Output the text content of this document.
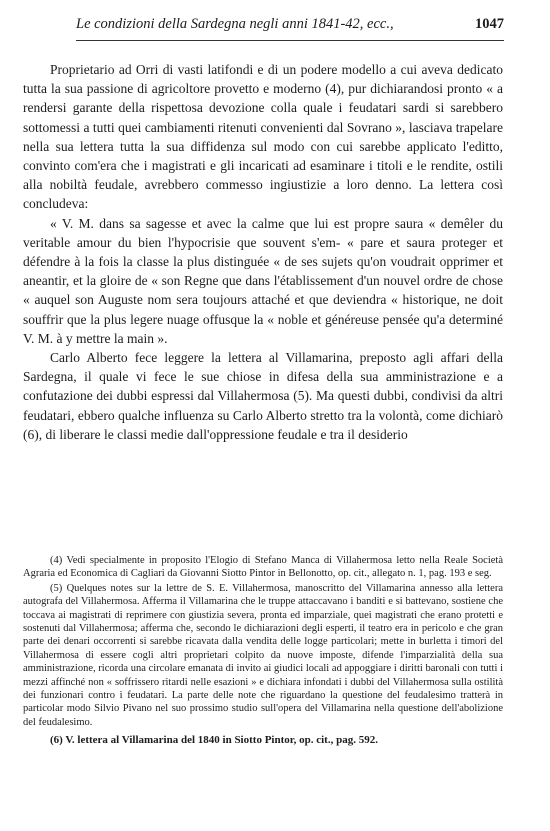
Le condizioni della Sardegna negli anni 1841-42, ecc.,	1047

Proprietario ad Orri di vasti latifondi e di un podere modello a cui aveva dedicato tutta la sua passione di agricoltore provetto e moderno (4), pur dichiarandosi pronto « a rendersi garante della rispettosa devozione colla quale i feudatari sardi si sarebbero sottomessi a tutti quei cambiamenti ritenuti convenienti dal Sovrano », lasciava trapelare nella sua lettera tutta la sua diffidenza sul modo con cui sarebbe applicato l'editto, convinto com'era che i magistrati e gli incaricati ad esaminare i titoli e le rendite, ostili alla nobiltà feudale, avrebbero commesso ingiustizie a loro denno. La lettera così concludeva:

« V. M. dans sa sagesse et avec la calme que lui est propre saura « demêler du veritable amour du bien l'hypocrisie que souvent s'em- « pare et saura proteger et défendre à la fois la classe la plus distinguée « de ses sujets qu'on voudrait opprimer et aneantir, et la gloire de « son Regne que dans l'établissement d'un nouvel ordre de chose « auquel son Auguste nom sera toujours attaché et que deviendra « historique, ne doit souffrir que la plus legere nuage offusque la « noble et généreuse pensée qu'a determiné V. M. à y mettre la main ».

Carlo Alberto fece leggere la lettera al Villamarina, preposto agli affari della Sardegna, il quale vi fece le sue chiose in difesa della sua amministrazione e a confutazione dei dubbi espressi dal Villahermosa (5). Ma questi dubbi, condivisi da altri feudatari, ebbero qualche influenza su Carlo Alberto stretto tra la volontà, come dichiarò (6), di liberare le classi medie dall'oppressione feudale e tra il desiderio

(4) Vedi specialmente in proposito l'Elogio di Stefano Manca di Villahermosa letto nella Reale Società Agraria ed Economica di Cagliari da Giovanni Siotto Pintor in Bellonotto, op. cit., allegato n. 1, pag. 193 e seg.

(5) Quelques notes sur la lettre de S. E. Villahermosa, manoscritto del Villamarina annesso alla lettera autografa del Villahermosa. Afferma il Villamarina che le truppe attaccavano i banditi e si battevano, sostiene che toccava ai magistrati di reprimere con giustizia severa, pronta ed imparziale, quei magistrati che erano protetti e sostenuti dal Villahermosa; afferma che, secondo le dichiarazioni degli esperti, il teatro era in pericolo e che gran parte dei denari occorrenti si sarebbe ricavata dalla vendita delle logge particolari; mette in burletta i timori del Villahermosa di essere cogli altri proprietari colpito da nuove imposte, difende l'imparzialità della sua amministrazione, ricorda una circolare emanata di invito ai giudici locali ad appoggiare i diritti baronali con tutti i mezzi affinché non « soffrissero ritardi nelle esazioni » e dichiara infondati i dubbi del Villahermosa sulla ostilità dei funzionari contro i feudatari. La parte delle note che riguardano la questione del feudalesimo tratterà in particolar modo Silvio Pivano nel suo prossimo studio sull'opera del Villamarina nella questione dell'abolizione del feudalesimo.

(6) V. lettera al Villamarina del 1840 in Siotto Pintor, op. cit., pag. 592.
